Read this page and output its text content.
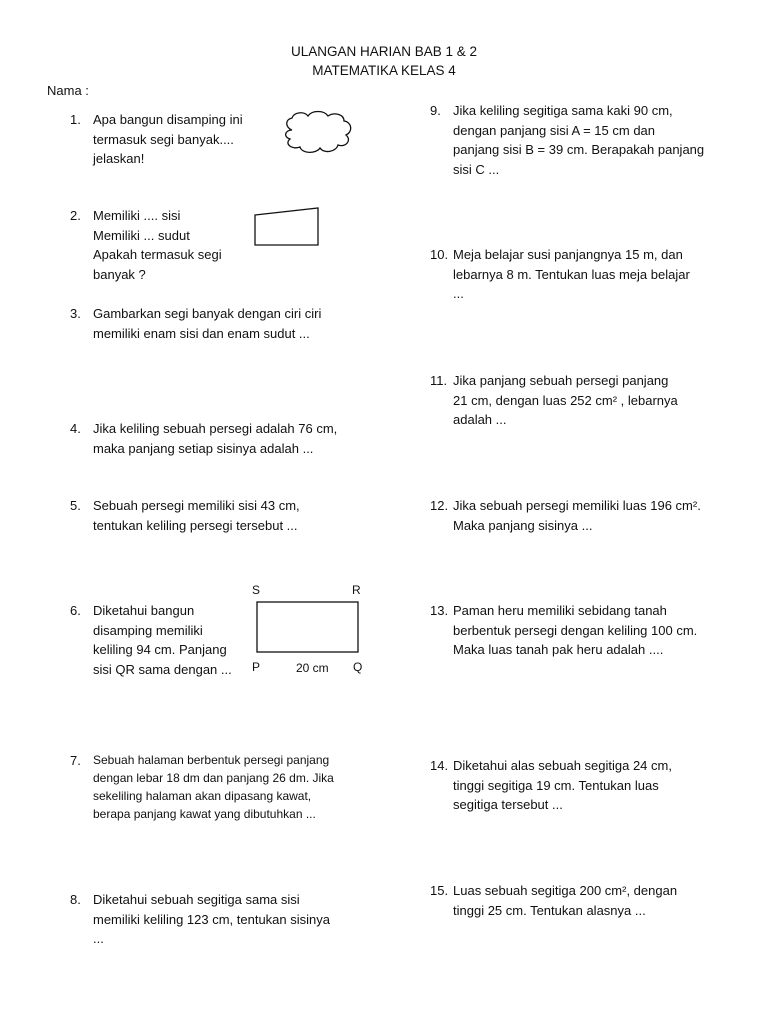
ULANGAN HARIAN BAB 1 & 2
MATEMATIKA KELAS 4
Nama :
1. Apa bangun disamping ini
termasuk segi banyak....
jelaskan!
2. Memiliki .... sisi
Memiliki ... sudut
Apakah termasuk segi
banyak ?
3. Gambarkan segi banyak dengan ciri ciri
memiliki enam sisi dan enam sudut ...
4. Jika keliling sebuah persegi adalah 76 cm,
maka panjang setiap sisinya adalah ...
5. Sebuah persegi memiliki sisi 43 cm,
tentukan keliling persegi tersebut ...
6. Diketahui bangun
disamping memiliki
keliling 94 cm. Panjang
sisi QR sama dengan ...
S	R
P	Q
20 cm
7. Sebuah halaman berbentuk persegi panjang
dengan lebar 18 dm dan panjang 26 dm. Jika
sekeliling halaman akan dipasang kawat,
berapa panjang kawat yang dibutuhkan ...
8. Diketahui sebuah segitiga sama sisi
memiliki keliling 123 cm, tentukan sisinya
...
9. Jika keliling segitiga sama kaki 90 cm,
dengan panjang sisi A = 15 cm dan
panjang sisi B = 39 cm. Berapakah panjang
sisi C ...
10. Meja belajar susi panjangnya 15 m, dan
lebarnya 8 m. Tentukan luas meja belajar
...
11. Jika panjang sebuah persegi panjang
21 cm, dengan luas 252 cm² , lebarnya
adalah ...
12. Jika sebuah persegi memiliki luas 196 cm².
Maka panjang sisinya ...
13. Paman heru memiliki sebidang tanah
berbentuk persegi dengan keliling 100 cm.
Maka luas tanah pak heru adalah ....
14. Diketahui alas sebuah segitiga 24 cm,
tinggi segitiga 19 cm. Tentukan luas
segitiga tersebut ...
15. Luas sebuah segitiga 200 cm², dengan
tinggi 25 cm. Tentukan alasnya ...
